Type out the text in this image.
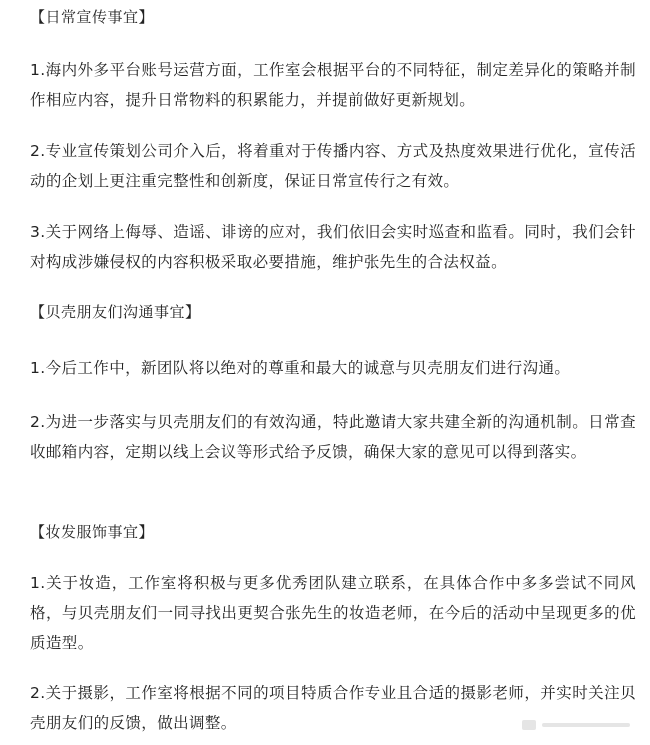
【日常宣传事宜】
1.海内外多平台账号运营方面，工作室会根据平台的不同特征，制定差异化的策略并制作相应内容，提升日常物料的积累能力，并提前做好更新规划。
2.专业宣传策划公司介入后，将着重对于传播内容、方式及热度效果进行优化，宣传活动的企划上更注重完整性和创新度，保证日常宣传行之有效。
3.关于网络上侮辱、造谣、诽谤的应对，我们依旧会实时巡查和监看。同时，我们会针对构成涉嫌侵权的内容积极采取必要措施，维护张先生的合法权益。
【贝壳朋友们沟通事宜】
1.今后工作中，新团队将以绝对的尊重和最大的诚意与贝壳朋友们进行沟通。
2.为进一步落实与贝壳朋友们的有效沟通，特此邀请大家共建全新的沟通机制。日常查收邮箱内容，定期以线上会议等形式给予反馈，确保大家的意见可以得到落实。
【妆发服饰事宜】
1.关于妆造，工作室将积极与更多优秀团队建立联系，在具体合作中多多尝试不同风格，与贝壳朋友们一同寻找出更契合张先生的妆造老师，在今后的活动中呈现更多的优质造型。
2.关于摄影，工作室将根据不同的项目特质合作专业且合适的摄影老师，并实时关注贝壳朋友们的反馈，做出调整。
